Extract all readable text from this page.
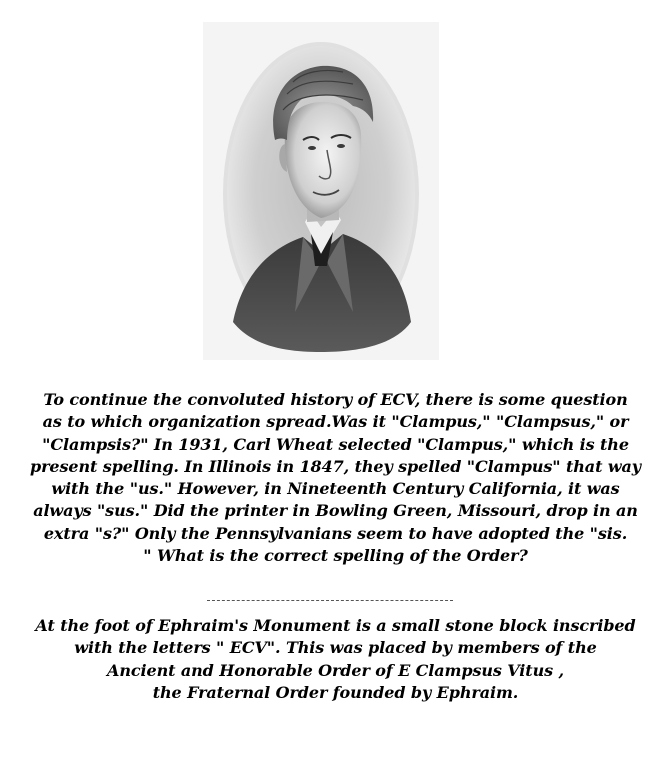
To continue the convoluted history of ECV, there is some question
as to which organization spread.Was it "Clampus," "Clampsus," or
"Clampsis?" In 1931, Carl Wheat selected "Clampus," which is the
present spelling. In Illinois in 1847, they spelled "Clampus" that way
with the "us." However, in Nineteenth Century California, it was
always "sus." Did the printer in Bowling Green, Missouri, drop in an
extra "s?" Only the Pennsylvanians seem to have adopted the "sis.
" What is the correct spelling of the Order?
At the foot of Ephraim's Monument is a small stone block inscribed
with the letters " ECV". This was placed by members of the
Ancient and Honorable Order of E Clampsus Vitus ,
the Fraternal Order founded by Ephraim.
